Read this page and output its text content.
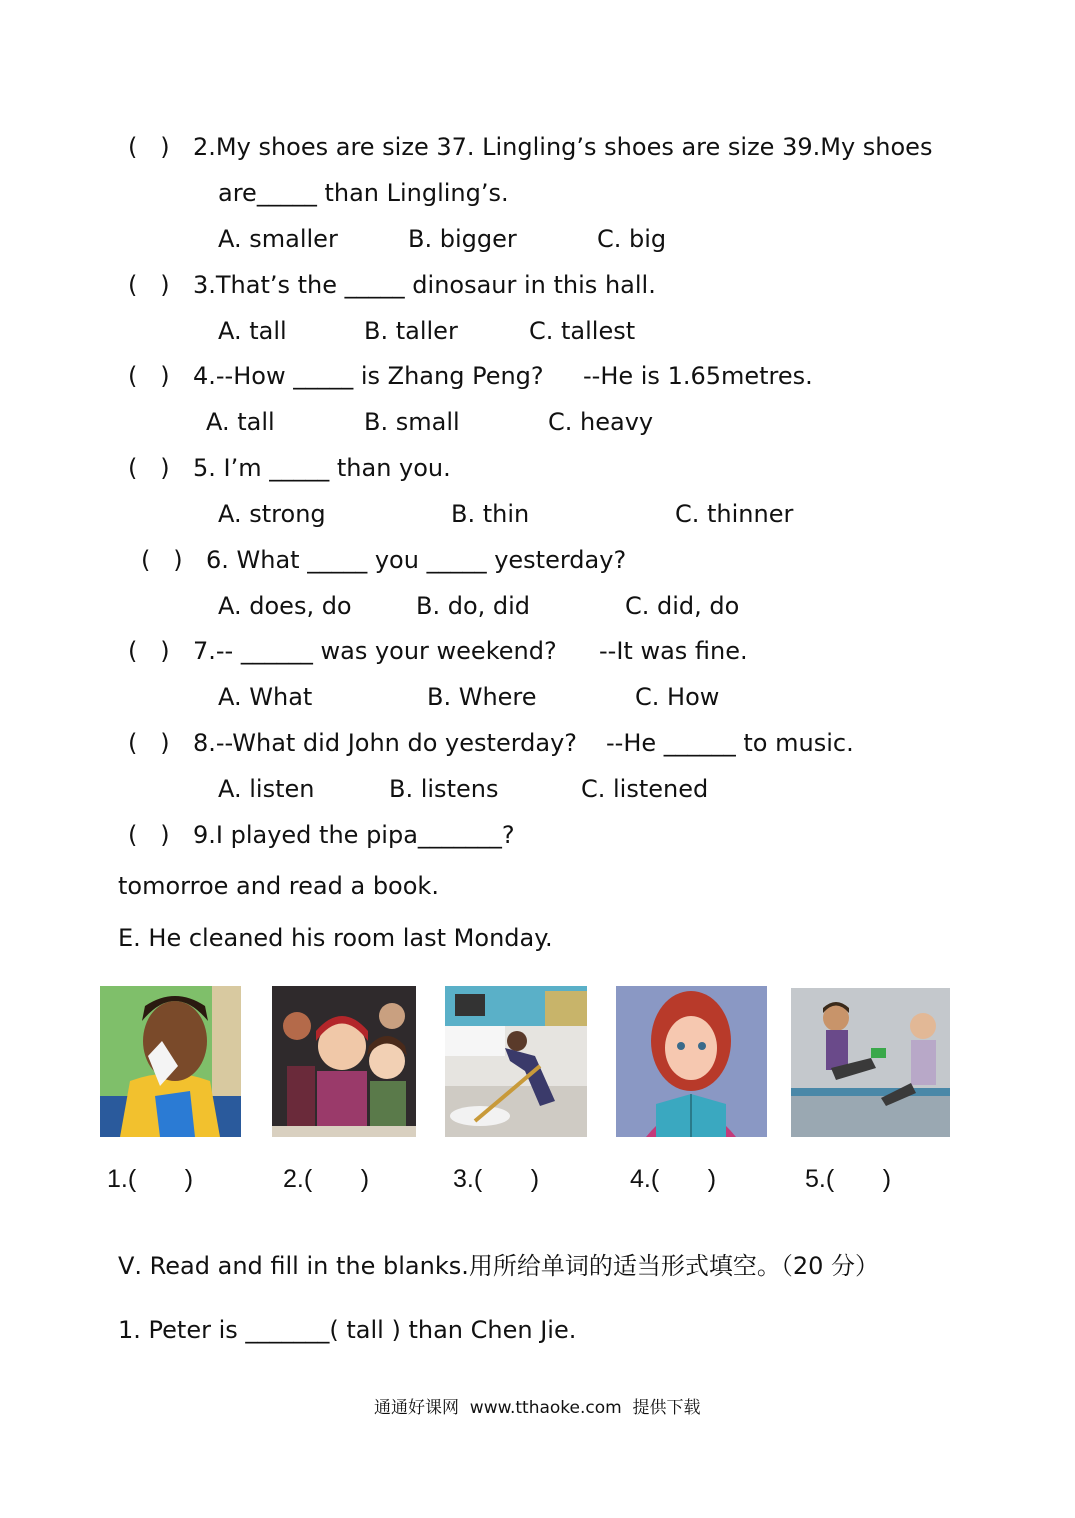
(   ) 2.My shoes are size 37. Lingling’s shoes are size 39.My shoes
are_____ than Lingling’s.
A. smaller	B. bigger	C. big
(   ) 3.That’s the _____ dinosaur in this hall.
A. tall	B. taller	C. tallest
(   ) 4.--How _____ is Zhang Peng? --He is 1.65metres.
A. tall	B. small	C. heavy
(   ) 5. I’m _____ than you.
A. strong	B. thin	C. thinner
(   ) 6. What _____ you _____ yesterday?
A. does, do	B. do, did	C. did, do
(   ) 7.-- ______ was your weekend? --It was fine.
A. What	B. Where	C. How
(   ) 8.--What did John do yesterday? --He ______ to music.
A. listen	B. listens	C. listened
(   ) 9.I played the pipa_______?
tomorroe and read a book.
E. He cleaned his room last Monday.
1.(       )	2.(       )	3.(       )	4.(       )	5.(       )
Ⅴ. Read and fill in the blanks.用所给单词的适当形式填空。（20 分）
1. Peter is _______( tall ) than Chen Jie.
通通好课网  www.tthaoke.com  提供下载
